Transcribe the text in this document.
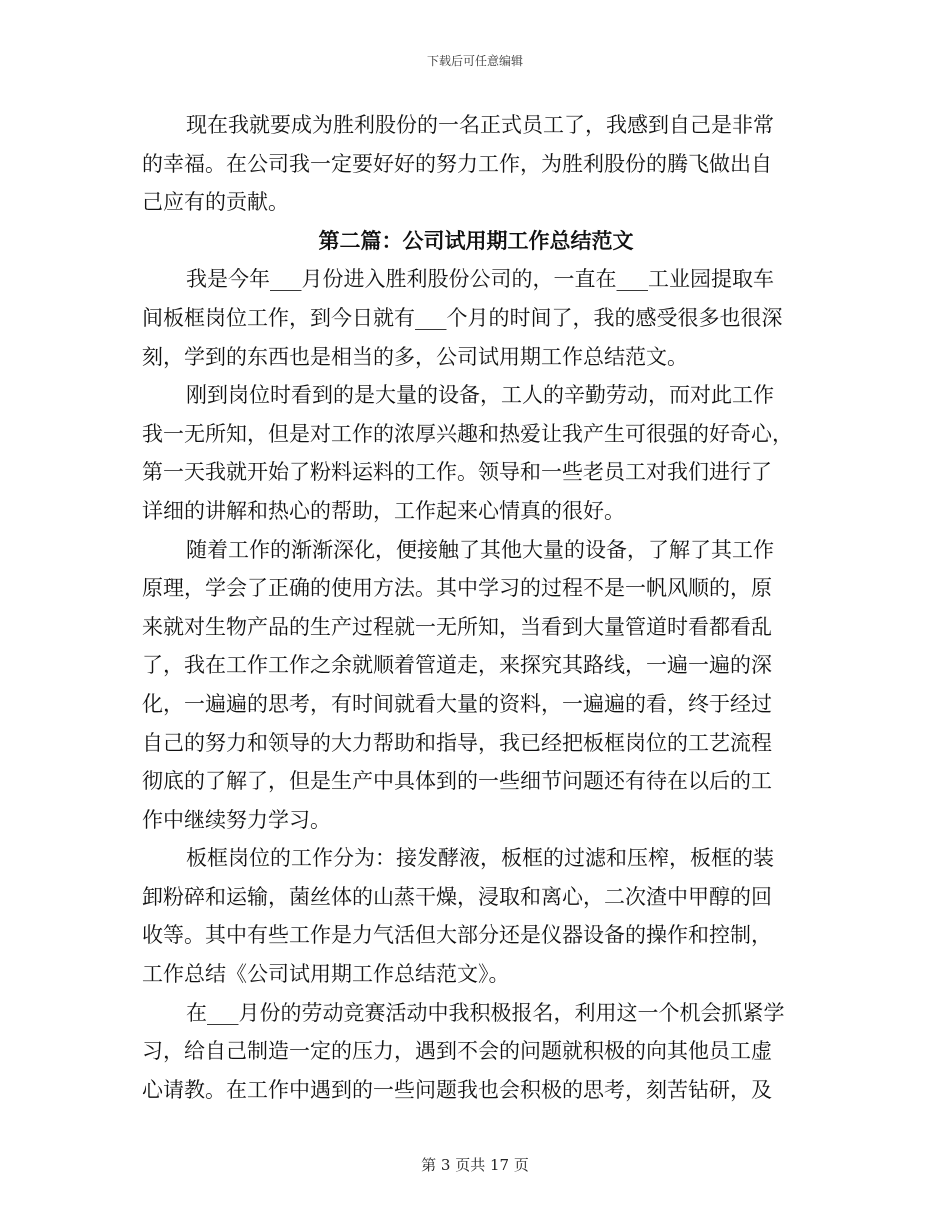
下载后可任意编辑
现在我就要成为胜利股份的一名正式员工了，我感到自己是非常
的幸福。在公司我一定要好好的努力工作，为胜利股份的腾飞做出自
己应有的贡献。
第二篇：公司试用期工作总结范文
我是今年___月份进入胜利股份公司的，一直在___工业园提取车
间板框岗位工作，到今日就有___个月的时间了，我的感受很多也很深
刻，学到的东西也是相当的多，公司试用期工作总结范文。
刚到岗位时看到的是大量的设备，工人的辛勤劳动，而对此工作
我一无所知，但是对工作的浓厚兴趣和热爱让我产生可很强的好奇心，
第一天我就开始了粉料运料的工作。领导和一些老员工对我们进行了
详细的讲解和热心的帮助，工作起来心情真的很好。
随着工作的渐渐深化，便接触了其他大量的设备，了解了其工作
原理，学会了正确的使用方法。其中学习的过程不是一帆风顺的，原
来就对生物产品的生产过程就一无所知，当看到大量管道时看都看乱
了，我在工作工作之余就顺着管道走，来探究其路线，一遍一遍的深
化，一遍遍的思考，有时间就看大量的资料，一遍遍的看，终于经过
自己的努力和领导的大力帮助和指导，我已经把板框岗位的工艺流程
彻底的了解了，但是生产中具体到的一些细节问题还有待在以后的工
作中继续努力学习。
板框岗位的工作分为：接发酵液，板框的过滤和压榨，板框的装
卸粉碎和运输，菌丝体的山蒸干燥，浸取和离心，二次渣中甲醇的回
收等。其中有些工作是力气活但大部分还是仪器设备的操作和控制，
工作总结《公司试用期工作总结范文》。
在___月份的劳动竞赛活动中我积极报名，利用这一个机会抓紧学
习，给自己制造一定的压力，遇到不会的问题就积极的向其他员工虚
心请教。在工作中遇到的一些问题我也会积极的思考，刻苦钻研，及
第 3 页共 17 页
